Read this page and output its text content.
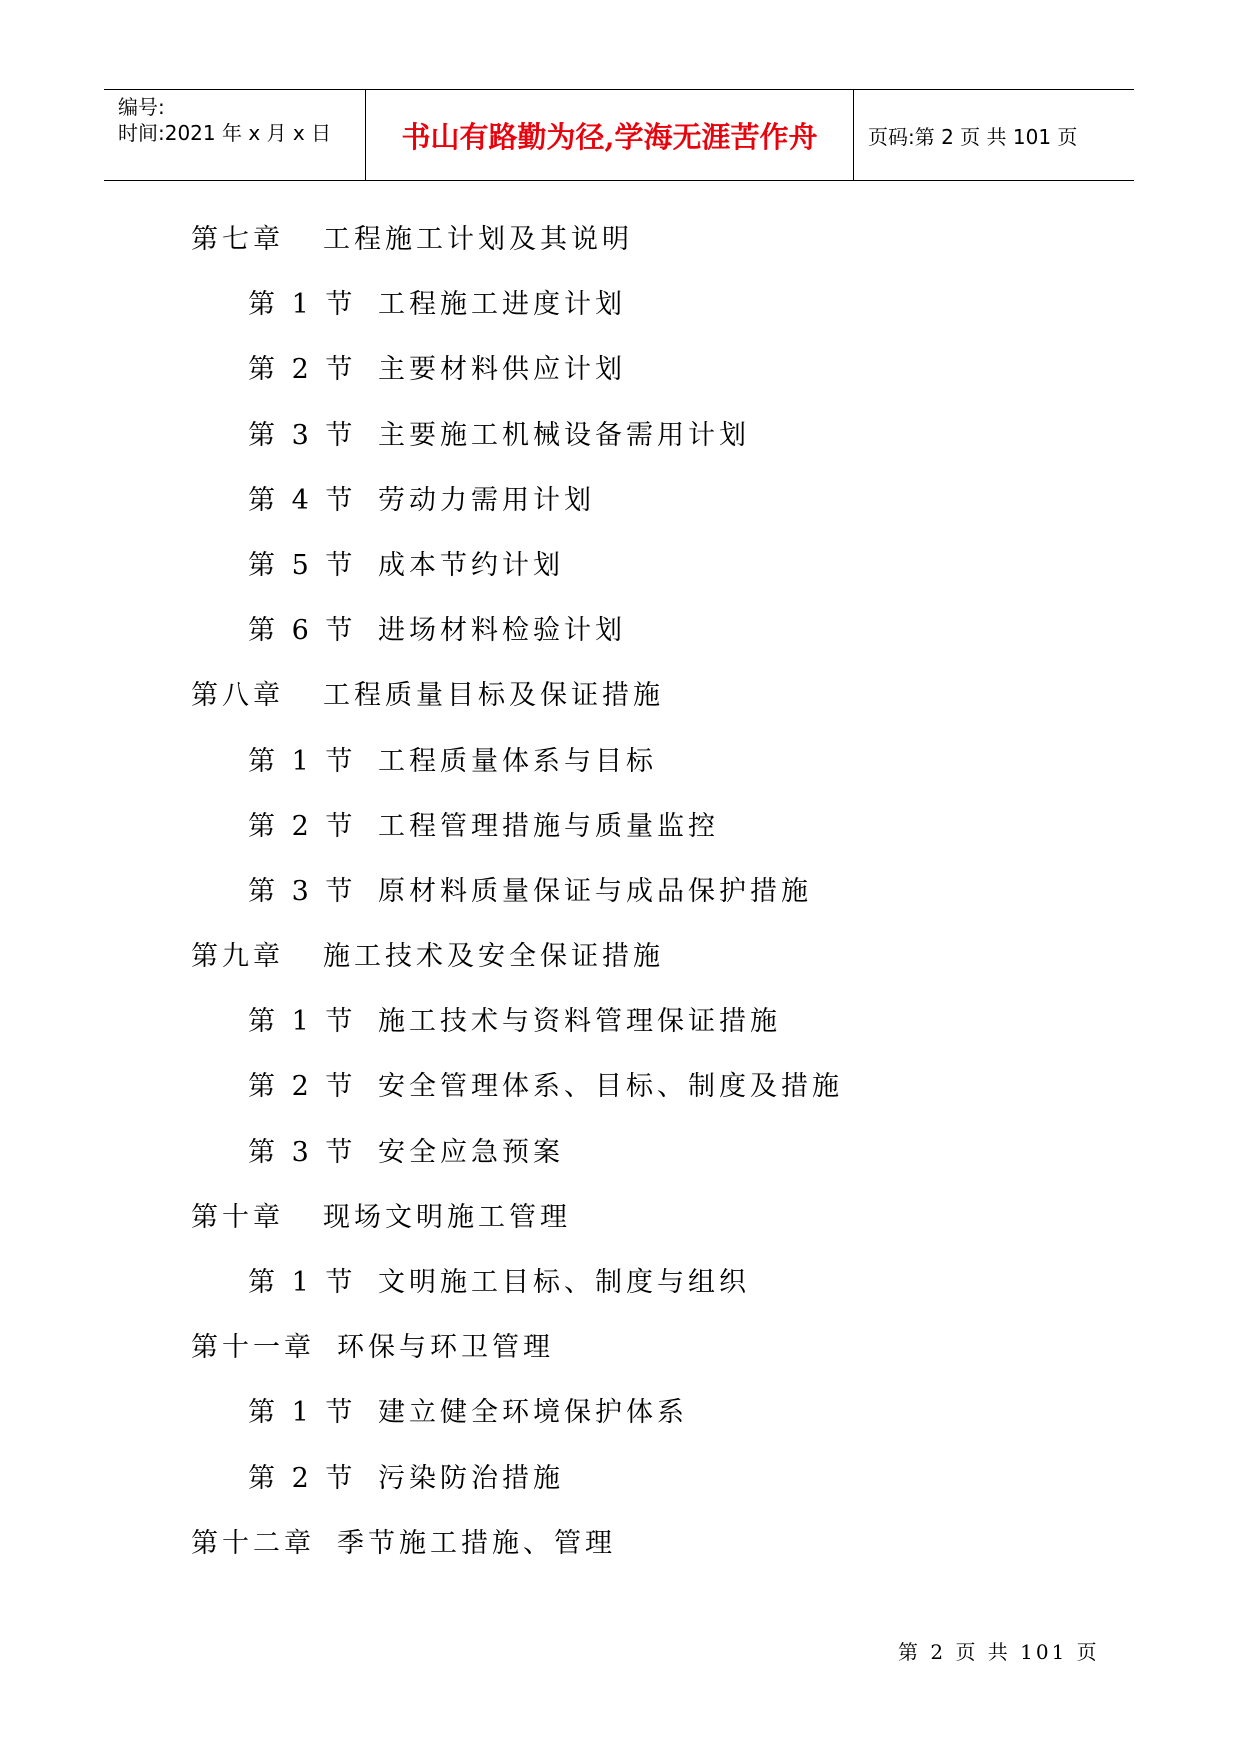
编号:
时间:2021 年 x 月 x 日	书山有路勤为径,学海无涯苦作舟	页码:第 2 页 共 101 页
第七章 工程施工计划及其说明
第 1 节 工程施工进度计划
第 2 节 主要材料供应计划
第 3 节 主要施工机械设备需用计划
第 4 节 劳动力需用计划
第 5 节 成本节约计划
第 6 节 进场材料检验计划
第八章 工程质量目标及保证措施
第 1 节 工程质量体系与目标
第 2 节 工程管理措施与质量监控
第 3 节 原材料质量保证与成品保护措施
第九章 施工技术及安全保证措施
第 1 节 施工技术与资料管理保证措施
第 2 节 安全管理体系、目标、制度及措施
第 3 节 安全应急预案
第十章 现场文明施工管理
第 1 节 文明施工目标、制度与组织
第十一章 环保与环卫管理
第 1 节 建立健全环境保护体系
第 2 节 污染防治措施
第十二章 季节施工措施、管理
第 2 页 共 101 页
